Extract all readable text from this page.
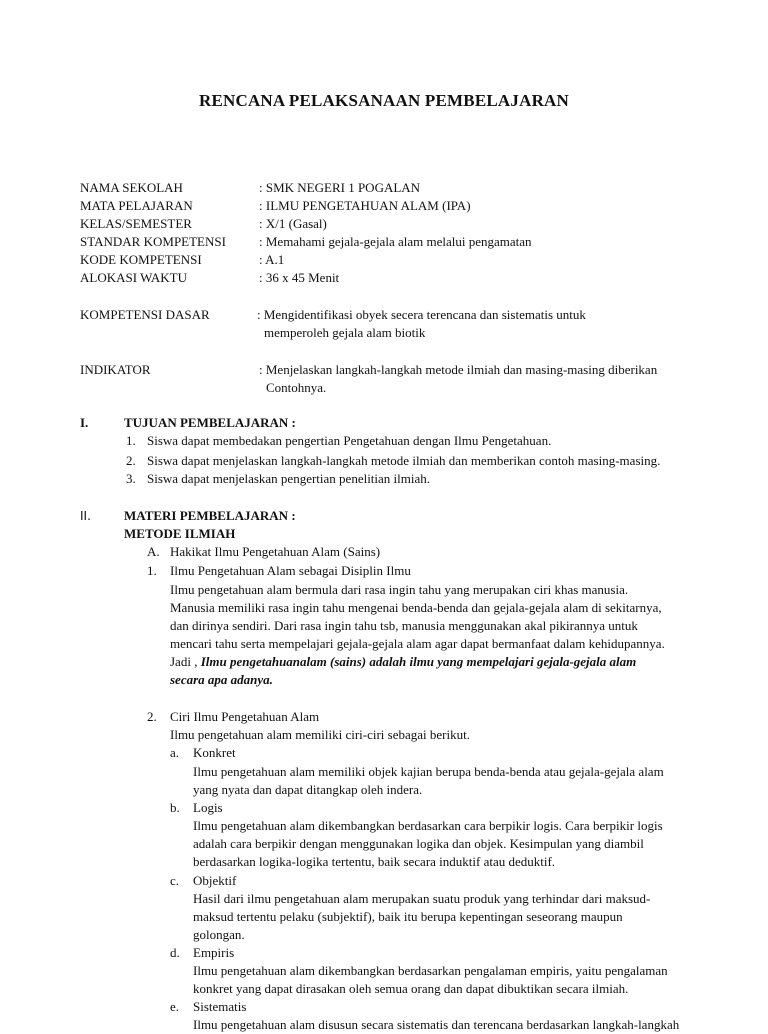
RENCANA PELAKSANAAN PEMBELAJARAN
NAMA SEKOLAH	: SMK NEGERI 1 POGALAN
MATA PELAJARAN	: ILMU PENGETAHUAN ALAM (IPA)
KELAS/SEMESTER	: X/1 (Gasal)
STANDAR KOMPETENSI	: Memahami gejala-gejala alam melalui pengamatan
KODE KOMPETENSI	: A.1
ALOKASI WAKTU	: 36 x 45 Menit
KOMPETENSI DASAR	: Mengidentifikasi obyek secera terencana dan sistematis untuk
memperoleh gejala alam biotik
INDIKATOR	: Menjelaskan langkah-langkah metode ilmiah dan masing-masing diberikan
Contohnya.
I.	TUJUAN PEMBELAJARAN :
1. Siswa dapat membedakan pengertian Pengetahuan dengan Ilmu Pengetahuan.
2. Siswa dapat menjelaskan langkah-langkah metode ilmiah dan memberikan contoh masing-masing.
3. Siswa dapat menjelaskan pengertian penelitian ilmiah.
II.	MATERI PEMBELAJARAN :
METODE ILMIAH
A. Hakikat Ilmu Pengetahuan Alam (Sains)
1. Ilmu Pengetahuan Alam sebagai Disiplin Ilmu
Ilmu pengetahuan alam bermula dari rasa ingin tahu yang merupakan ciri khas manusia.
Manusia memiliki rasa ingin tahu mengenai benda-benda dan gejala-gejala alam di sekitarnya,
dan dirinya sendiri. Dari rasa ingin tahu tsb, manusia menggunakan akal pikirannya untuk
mencari tahu serta mempelajari gejala-gejala alam agar dapat bermanfaat dalam kehidupannya.
Jadi , Ilmu pengetahuanalam (sains) adalah ilmu yang mempelajari gejala-gejala alam
secara apa adanya.
2. Ciri Ilmu Pengetahuan Alam
Ilmu pengetahuan alam memiliki ciri-ciri sebagai berikut.
a. Konkret
Ilmu pengetahuan alam memiliki objek kajian berupa benda-benda atau gejala-gejala alam
yang nyata dan dapat ditangkap oleh indera.
b. Logis
Ilmu pengetahuan alam dikembangkan berdasarkan cara berpikir logis. Cara berpikir logis
adalah cara berpikir dengan menggunakan logika dan objek. Kesimpulan yang diambil
berdasarkan logika-logika tertentu, baik secara induktif atau deduktif.
c. Objektif
Hasil dari ilmu pengetahuan alam merupakan suatu produk yang terhindar dari maksud-
maksud tertentu pelaku (subjektif), baik itu berupa kepentingan seseorang maupun
golongan.
d. Empiris
Ilmu pengetahuan alam dikembangkan berdasarkan pengalaman empiris, yaitu pengalaman
konkret yang dapat dirasakan oleh semua orang dan dapat dibuktikan secara ilmiah.
e. Sistematis
Ilmu pengetahuan alam disusun secara sistematis dan terencana berdasarkan langkah-langkah
